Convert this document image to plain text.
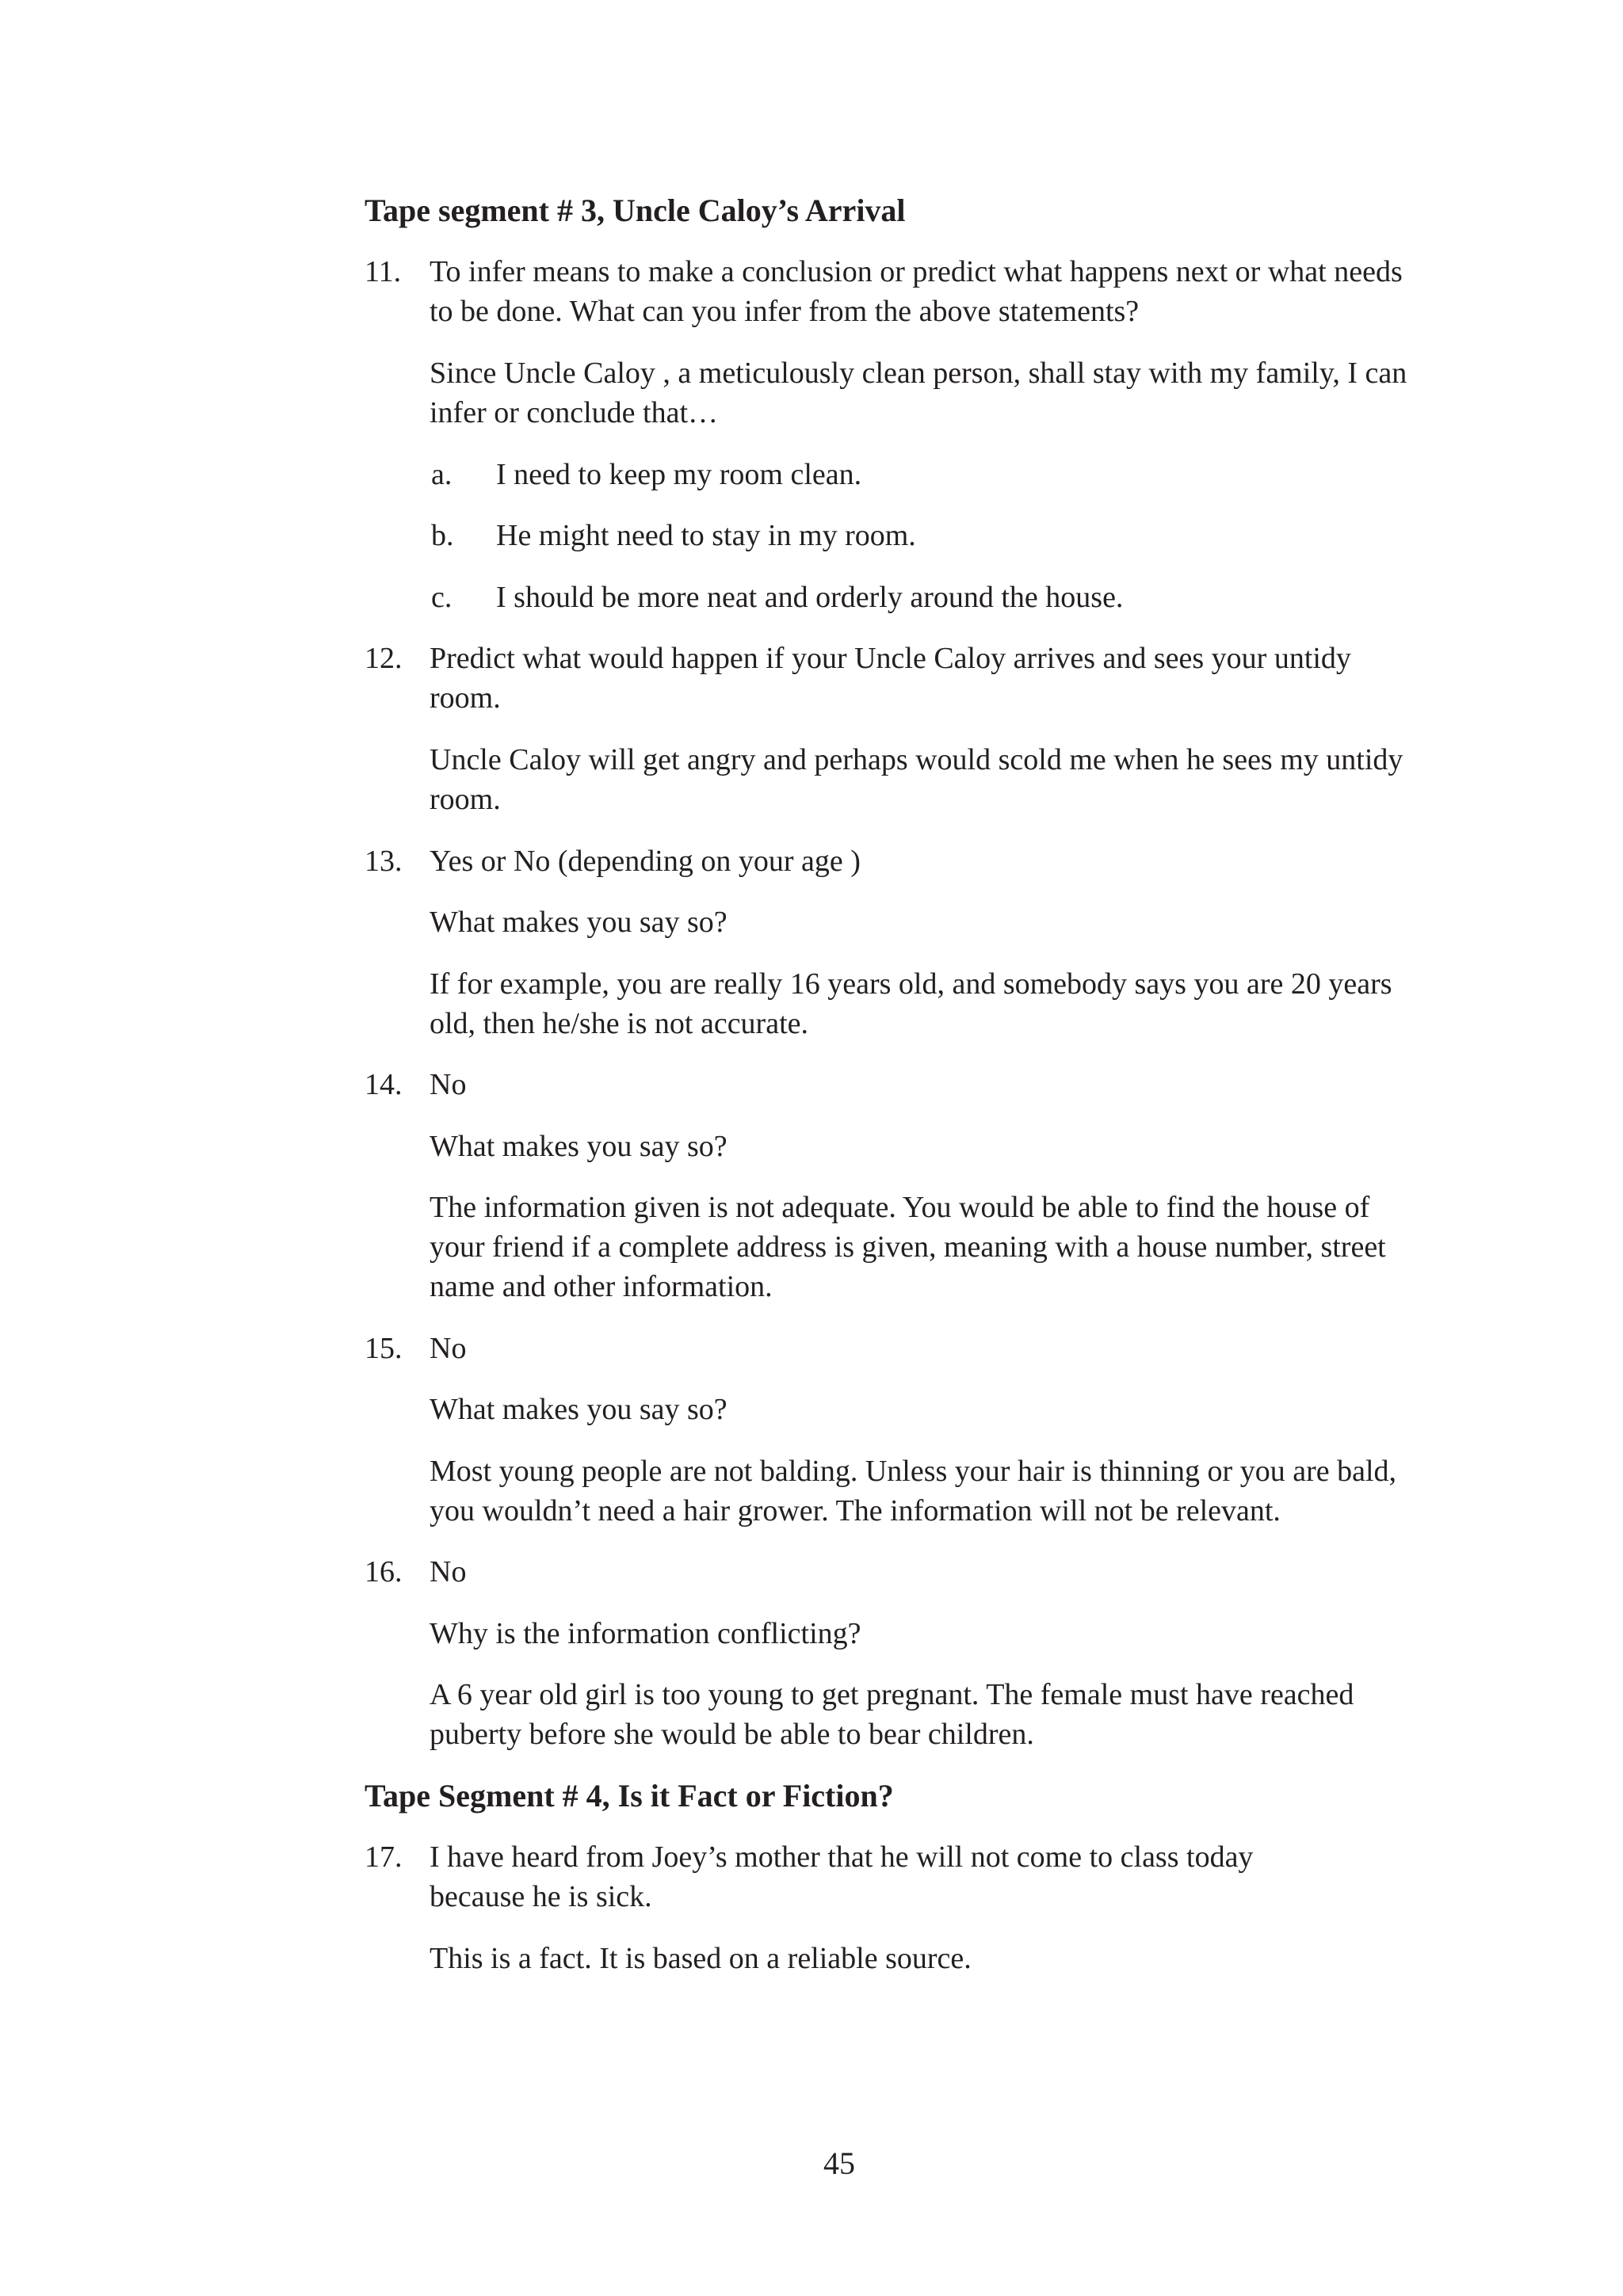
Tape segment # 3, Uncle Caloy’s Arrival
11. To infer means to make a conclusion or predict what happens next or what needs
to be done. What can you infer from the above statements?
Since Uncle Caloy , a meticulously clean person, shall stay with my family, I can
infer or conclude that…
a. I need to keep my room clean.
b. He might need to stay in my room.
c. I should be more neat and orderly around the house.
12. Predict what would happen if your Uncle Caloy arrives and sees your untidy
room.
Uncle Caloy will get angry and perhaps would scold me when he sees my untidy
room.
13. Yes or No (depending on your age )
What makes you say so?
If for example, you are really 16 years old, and somebody says you are 20 years
old, then he/she is not accurate.
14. No
What makes you say so?
The information given is not adequate. You would be able to find the house of
your friend if a complete address is given, meaning with a house number, street
name and other information.
15. No
What makes you say so?
Most young people are not balding. Unless your hair is thinning or you are bald,
you wouldn’t need a hair grower. The information will not be relevant.
16. No
Why is the information conflicting?
A 6 year old girl is too young to get pregnant. The female must have reached
puberty before she would be able to bear children.
Tape Segment # 4, Is it Fact or Fiction?
17. I have heard from Joey’s mother that he will not come to class today
because he is sick.
This is a fact. It is based on a reliable source.
45
